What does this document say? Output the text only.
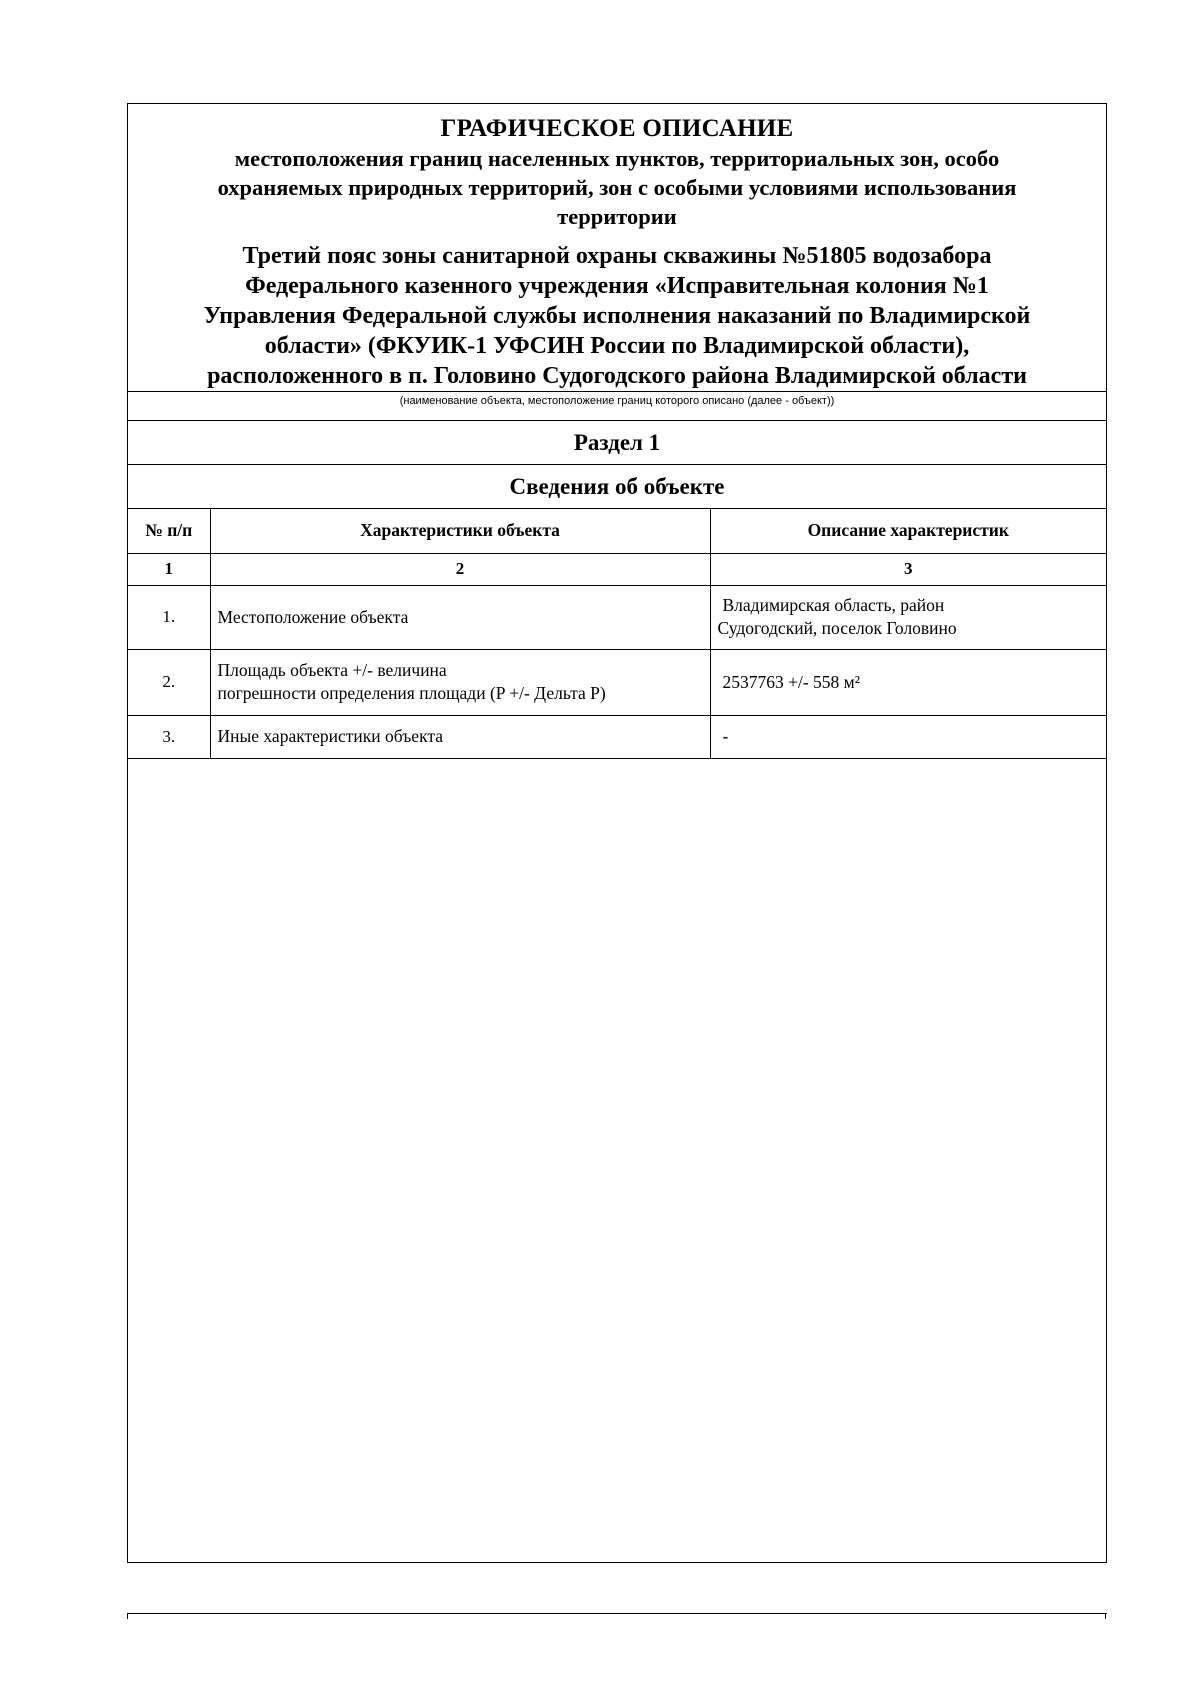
ГРАФИЧЕСКОЕ ОПИСАНИЕ
местоположения границ населенных пунктов, территориальных зон, особо
охраняемых природных территорий, зон с особыми условиями использования
территории
Третий пояс зоны санитарной охраны скважины №51805 водозабора
Федерального казенного учреждения «Исправительная колония №1
Управления Федеральной службы исполнения наказаний по Владимирской
области» (ФКУИК-1 УФСИН России по Владимирской области),
расположенного в п. Головино Судогодского района Владимирской области
(наименование объекта, местоположение границ которого описано (далее - объект))
Раздел 1
Сведения об объекте
№ п/п	Характеристики объекта	Описание характеристик
1	2	3
1.	Местоположение объекта	Владимирская область, район
Судогодский, поселок Головино

2.	Площадь объекта +/- величина
погрешности определения площади (P +/- Дельта P)	2537763 +/- 558 м²

3.	Иные характеристики объекта	-
